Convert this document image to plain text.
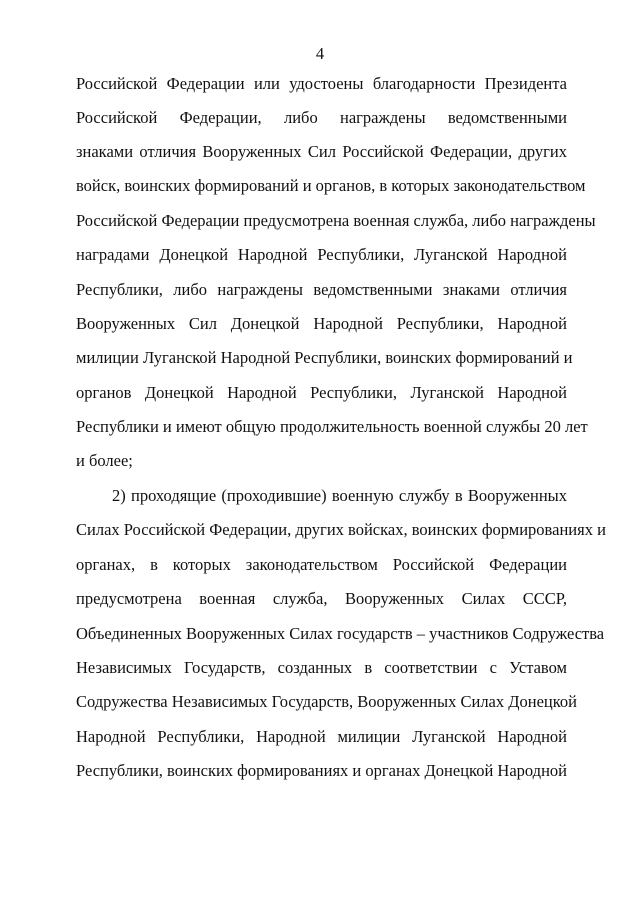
4
Российской Федерации или удостоены благодарности Президента
Российской Федерации, либо награждены ведомственными
знаками отличия Вооруженных Сил Российской Федерации, других
войск, воинских формирований и органов, в которых законодательством
Российской Федерации предусмотрена военная служба, либо награждены
наградами Донецкой Народной Республики, Луганской Народной
Республики, либо награждены ведомственными знаками отличия
Вооруженных Сил Донецкой Народной Республики, Народной
милиции Луганской Народной Республики, воинских формирований и
органов Донецкой Народной Республики, Луганской Народной
Республики и имеют общую продолжительность военной службы 20 лет
и более;
2) проходящие (проходившие) военную службу в Вооруженных
Силах Российской Федерации, других войсках, воинских формированиях и
органах, в которых законодательством Российской Федерации
предусмотрена военная служба, Вооруженных Силах СССР,
Объединенных Вооруженных Силах государств – участников Содружества
Независимых Государств, созданных в соответствии с Уставом
Содружества Независимых Государств, Вооруженных Силах Донецкой
Народной Республики, Народной милиции Луганской Народной
Республики, воинских формированиях и органах Донецкой Народной
